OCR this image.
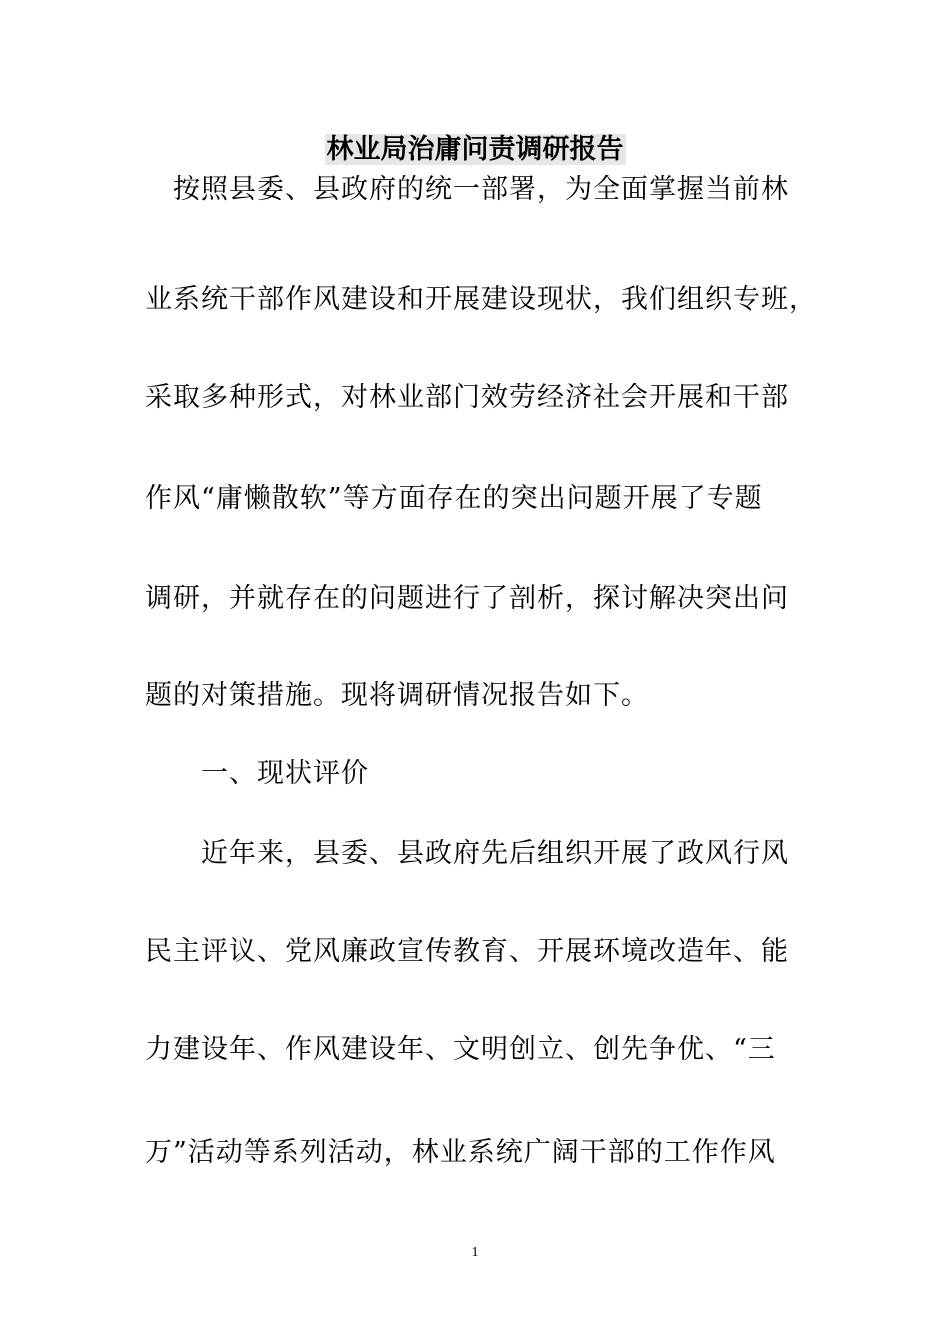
林业局治庸问责调研报告
　按照县委、县政府的统一部署，为全面掌握当前林
业系统干部作风建设和开展建设现状，我们组织专班，
采取多种形式，对林业部门效劳经济社会开展和干部
作风“庸懒散软”等方面存在的突出问题开展了专题
调研，并就存在的问题进行了剖析，探讨解决突出问
题的对策措施。现将调研情况报告如下。
　　一、现状评价
　　近年来，县委、县政府先后组织开展了政风行风
民主评议、党风廉政宣传教育、开展环境改造年、能
力建设年、作风建设年、文明创立、创先争优、“三
万”活动等系列活动，林业系统广阔干部的工作作风
1
